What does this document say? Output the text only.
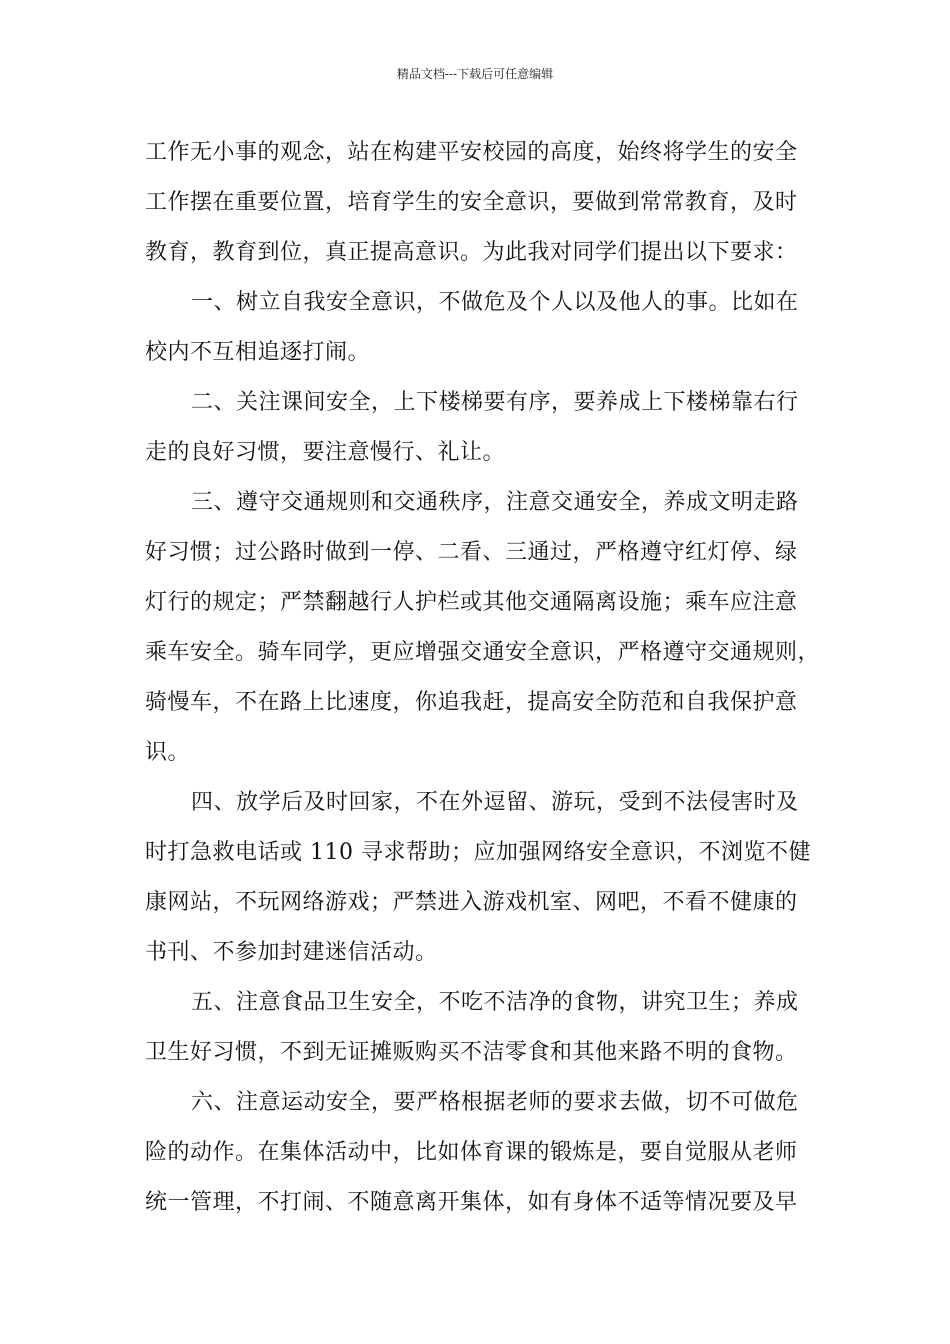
精品文档---下载后可任意编辑
工作无小事的观念，站在构建平安校园的高度，始终将学生的安全
工作摆在重要位置，培育学生的安全意识，要做到常常教育，及时
教育，教育到位，真正提高意识。为此我对同学们提出以下要求：
一、树立自我安全意识，不做危及个人以及他人的事。比如在
校内不互相追逐打闹。
二、关注课间安全，上下楼梯要有序，要养成上下楼梯靠右行
走的良好习惯，要注意慢行、礼让。
三、遵守交通规则和交通秩序，注意交通安全，养成文明走路
好习惯；过公路时做到一停、二看、三通过，严格遵守红灯停、绿
灯行的规定；严禁翻越行人护栏或其他交通隔离设施；乘车应注意
乘车安全。骑车同学，更应增强交通安全意识，严格遵守交通规则，
骑慢车，不在路上比速度，你追我赶，提高安全防范和自我保护意
识。
四、放学后及时回家，不在外逗留、游玩，受到不法侵害时及
时打急救电话或 110 寻求帮助；应加强网络安全意识，不浏览不健
康网站，不玩网络游戏；严禁进入游戏机室、网吧，不看不健康的
书刊、不参加封建迷信活动。
五、注意食品卫生安全，不吃不洁净的食物，讲究卫生；养成
卫生好习惯，不到无证摊贩购买不洁零食和其他来路不明的食物。
六、注意运动安全，要严格根据老师的要求去做，切不可做危
险的动作。在集体活动中，比如体育课的锻炼是，要自觉服从老师
统一管理，不打闹、不随意离开集体，如有身体不适等情况要及早
